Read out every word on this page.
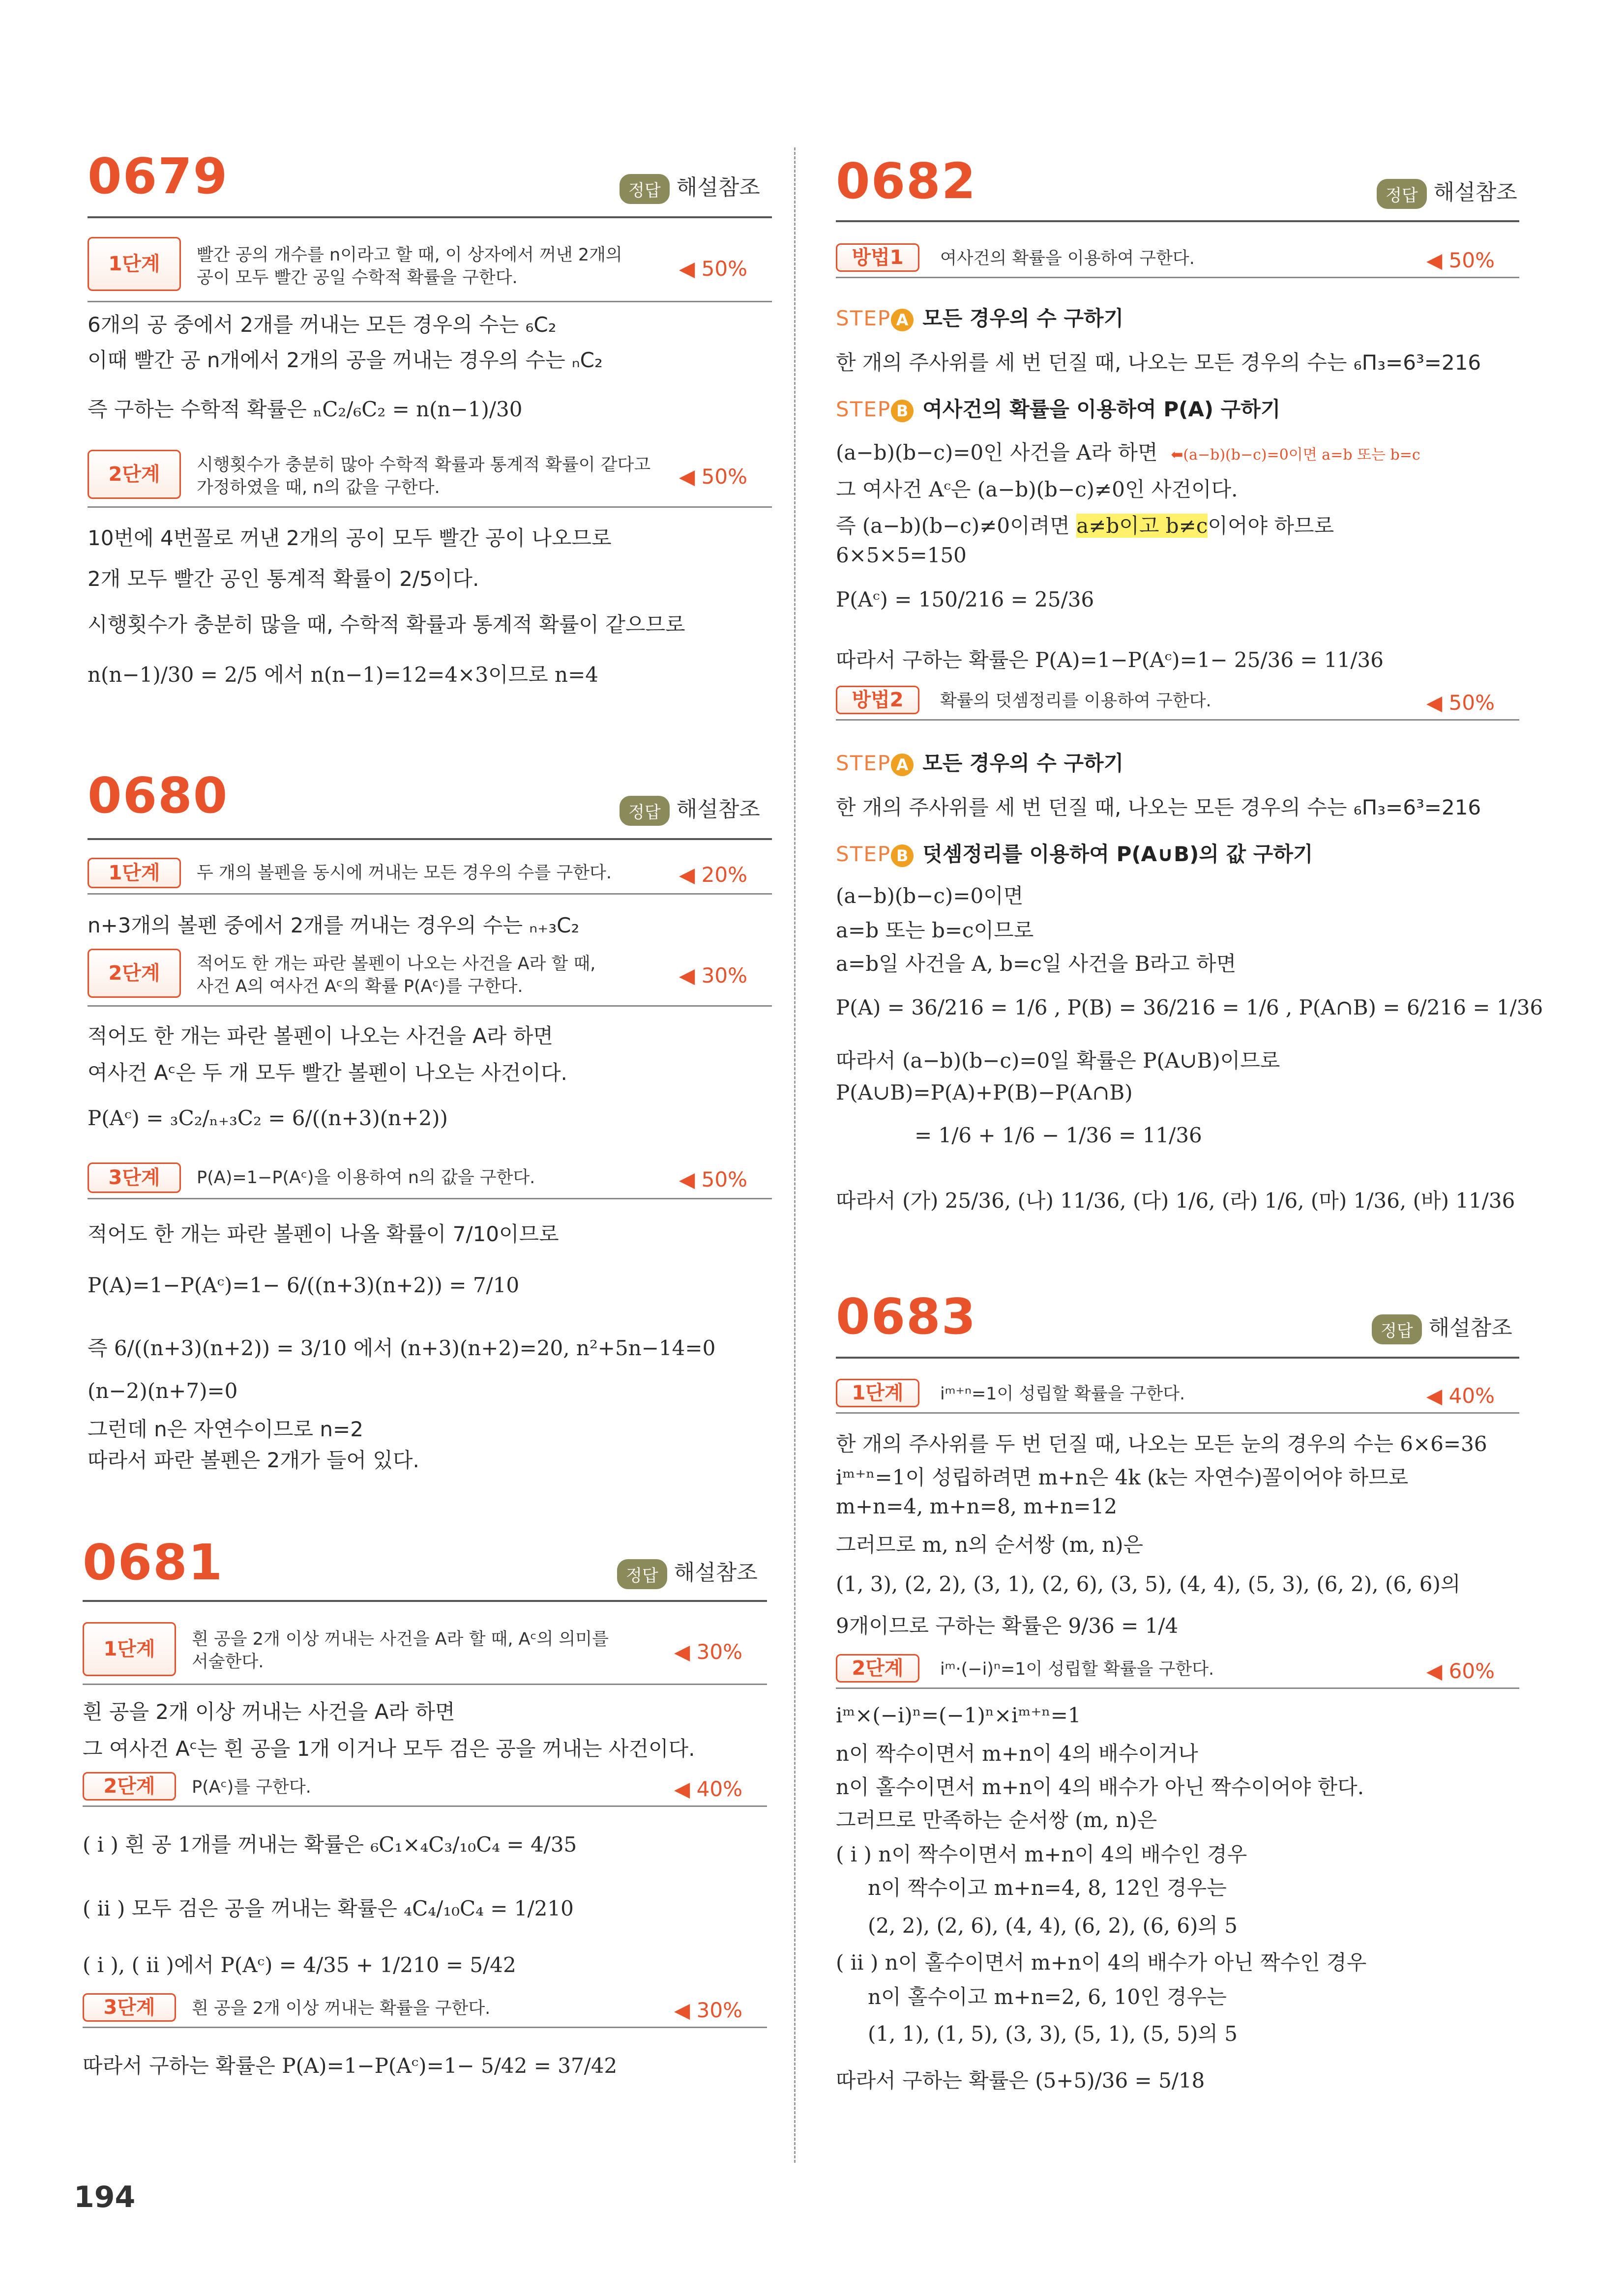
0679	정답 해설참조
1단계	빨간 공의 개수를 n이라고 할 때, 이 상자에서 꺼낸 2개의
공이 모두 빨간 공일 수학적 확률을 구한다.	◀ 50%
6개의 공 중에서 2개를 꺼내는 모든 경우의 수는 ₆C₂
이때 빨간 공 n개에서 2개의 공을 꺼내는 경우의 수는 ₙC₂
즉 구하는 수학적 확률은 ₙC₂/₆C₂ = n(n−1)/30
2단계	시행횟수가 충분히 많아 수학적 확률과 통계적 확률이 같다고
가정하였을 때, n의 값을 구한다.	◀ 50%
10번에 4번꼴로 꺼낸 2개의 공이 모두 빨간 공이 나오므로
2개 모두 빨간 공인 통계적 확률이 2/5이다.
시행횟수가 충분히 많을 때, 수학적 확률과 통계적 확률이 같으므로
n(n−1)/30 = 2/5 에서 n(n−1)=12=4×3이므로 n=4
0680	정답 해설참조
1단계	두 개의 볼펜을 동시에 꺼내는 모든 경우의 수를 구한다.	◀ 20%
n+3개의 볼펜 중에서 2개를 꺼내는 경우의 수는 ₙ₊₃C₂
2단계	적어도 한 개는 파란 볼펜이 나오는 사건을 A라 할 때,
사건 A의 여사건 Aᶜ의 확률 P(Aᶜ)를 구한다.	◀ 30%
적어도 한 개는 파란 볼펜이 나오는 사건을 A라 하면
여사건 Aᶜ은 두 개 모두 빨간 볼펜이 나오는 사건이다.
P(Aᶜ) = ₃C₂/ₙ₊₃C₂ = 6/((n+3)(n+2))
3단계	P(A)=1−P(Aᶜ)을 이용하여 n의 값을 구한다.	◀ 50%
적어도 한 개는 파란 볼펜이 나올 확률이 7/10이므로
P(A)=1−P(Aᶜ)=1− 6/((n+3)(n+2)) = 7/10
즉 6/((n+3)(n+2)) = 3/10 에서 (n+3)(n+2)=20, n²+5n−14=0
(n−2)(n+7)=0
그런데 n은 자연수이므로 n=2
따라서 파란 볼펜은 2개가 들어 있다.
0681	정답 해설참조
1단계	흰 공을 2개 이상 꺼내는 사건을 A라 할 때, Aᶜ의 의미를
서술한다.	◀ 30%
흰 공을 2개 이상 꺼내는 사건을 A라 하면
그 여사건 Aᶜ는 흰 공을 1개 이거나 모두 검은 공을 꺼내는 사건이다.
2단계	P(Aᶜ)를 구한다.	◀ 40%
( i ) 흰 공 1개를 꺼내는 확률은 ₆C₁×₄C₃/₁₀C₄ = 4/35
( ii ) 모두 검은 공을 꺼내는 확률은 ₄C₄/₁₀C₄ = 1/210
( i ), ( ii )에서 P(Aᶜ) = 4/35 + 1/210 = 5/42
3단계	흰 공을 2개 이상 꺼내는 확률을 구한다.	◀ 30%
따라서 구하는 확률은 P(A)=1−P(Aᶜ)=1− 5/42 = 37/42
194
0682	정답 해설참조
방법1	여사건의 확률을 이용하여 구한다.	◀ 50%
STEP A 모든 경우의 수 구하기
한 개의 주사위를 세 번 던질 때, 나오는 모든 경우의 수는 ₆Π₃=6³=216
STEP B 여사건의 확률을 이용하여 P(A) 구하기
(a−b)(b−c)=0인 사건을 A라 하면 ⬅(a−b)(b−c)=0이면 a=b 또는 b=c
그 여사건 Aᶜ은 (a−b)(b−c)≠0인 사건이다.
즉 (a−b)(b−c)≠0이려면 a≠b이고 b≠c이어야 하므로
6×5×5=150
P(Aᶜ) = 150/216 = 25/36
따라서 구하는 확률은 P(A)=1−P(Aᶜ)=1− 25/36 = 11/36
방법2	확률의 덧셈정리를 이용하여 구한다.	◀ 50%
STEP A 모든 경우의 수 구하기
한 개의 주사위를 세 번 던질 때, 나오는 모든 경우의 수는 ₆Π₃=6³=216
STEP B 덧셈정리를 이용하여 P(A∪B)의 값 구하기
(a−b)(b−c)=0이면
a=b 또는 b=c이므로
a=b일 사건을 A, b=c일 사건을 B라고 하면
P(A) = 36/216 = 1/6 , P(B) = 36/216 = 1/6 , P(A∩B) = 6/216 = 1/36
따라서 (a−b)(b−c)=0일 확률은 P(A∪B)이므로
P(A∪B)=P(A)+P(B)−P(A∩B)
= 1/6 + 1/6 − 1/36 = 11/36
따라서 (가) 25/36, (나) 11/36, (다) 1/6, (라) 1/6, (마) 1/36, (바) 11/36
0683	정답 해설참조
1단계	iᵐ⁺ⁿ=1이 성립할 확률을 구한다.	◀ 40%
한 개의 주사위를 두 번 던질 때, 나오는 모든 눈의 경우의 수는 6×6=36
iᵐ⁺ⁿ=1이 성립하려면 m+n은 4k (k는 자연수)꼴이어야 하므로
m+n=4, m+n=8, m+n=12
그러므로 m, n의 순서쌍 (m, n)은
(1, 3), (2, 2), (3, 1), (2, 6), (3, 5), (4, 4), (5, 3), (6, 2), (6, 6)의
9개이므로 구하는 확률은 9/36 = 1/4
2단계	iᵐ·(−i)ⁿ=1이 성립할 확률을 구한다.	◀ 60%
iᵐ×(−i)ⁿ=(−1)ⁿ×iᵐ⁺ⁿ=1
n이 짝수이면서 m+n이 4의 배수이거나
n이 홀수이면서 m+n이 4의 배수가 아닌 짝수이어야 한다.
그러므로 만족하는 순서쌍 (m, n)은
( i ) n이 짝수이면서 m+n이 4의 배수인 경우
n이 짝수이고 m+n=4, 8, 12인 경우는
(2, 2), (2, 6), (4, 4), (6, 2), (6, 6)의 5
( ii ) n이 홀수이면서 m+n이 4의 배수가 아닌 짝수인 경우
n이 홀수이고 m+n=2, 6, 10인 경우는
(1, 1), (1, 5), (3, 3), (5, 1), (5, 5)의 5
따라서 구하는 확률은 (5+5)/36 = 5/18
